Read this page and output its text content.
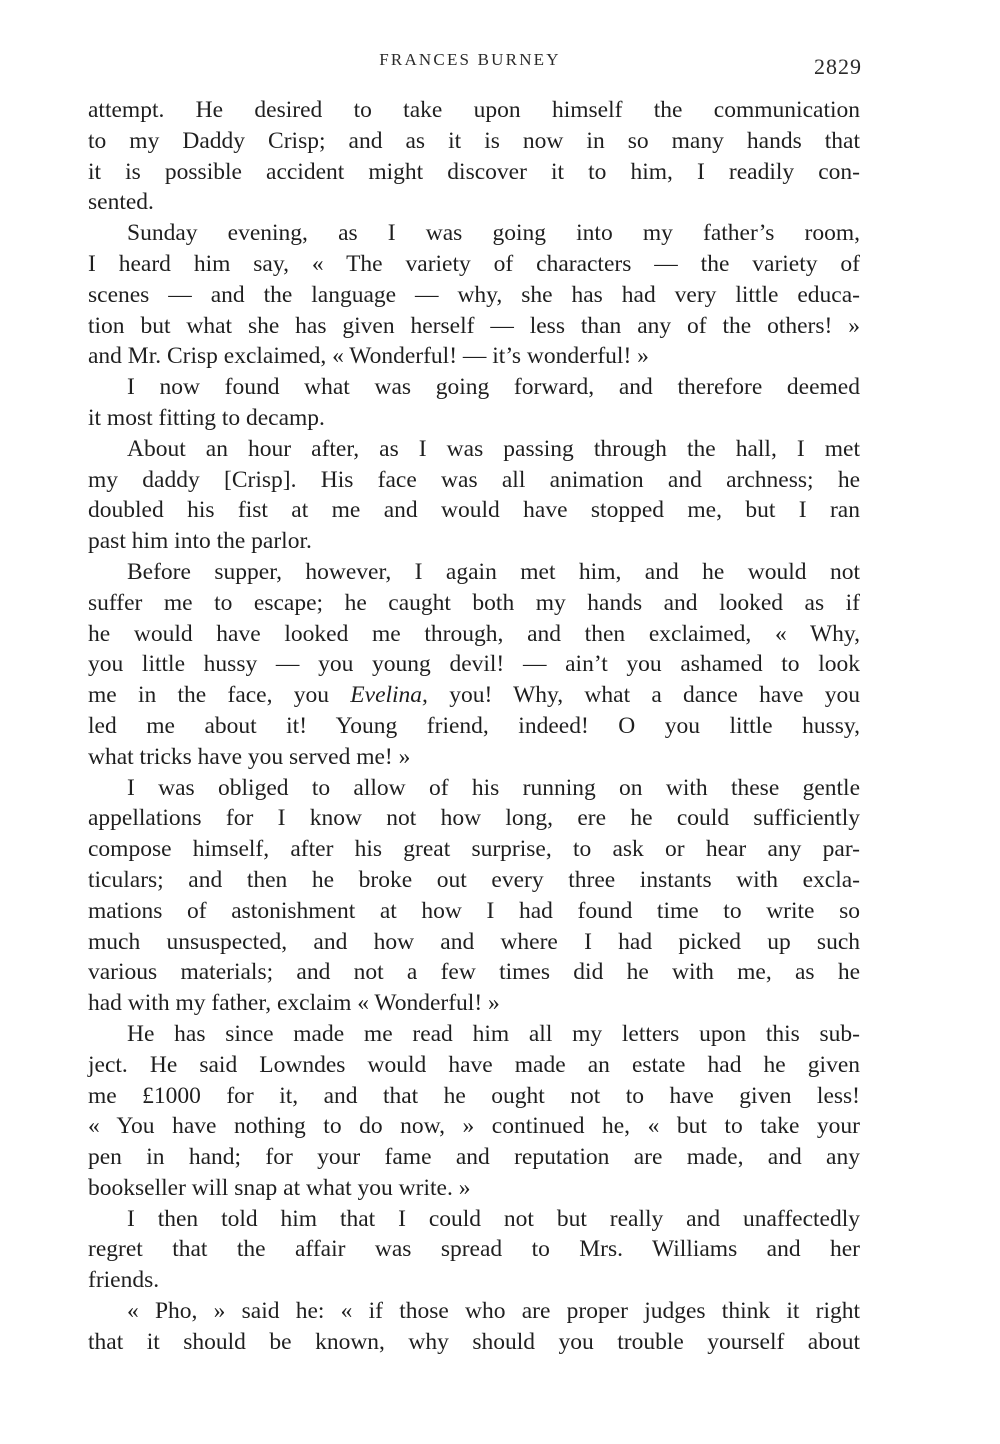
FRANCES BURNEY	2829
attempt. He desired to take upon himself the communication
to my Daddy Crisp; and as it is now in so many hands that
it is possible accident might discover it to him, I readily con-
sented.
Sunday evening, as I was going into my father’s room,
I heard him say, « The variety of characters — the variety of
scenes — and the language — why, she has had very little educa-
tion but what she has given herself — less than any of the others! »
and Mr. Crisp exclaimed, « Wonderful! — it’s wonderful! »
I now found what was going forward, and therefore deemed
it most fitting to decamp.
About an hour after, as I was passing through the hall, I met
my daddy [Crisp]. His face was all animation and archness; he
doubled his fist at me and would have stopped me, but I ran
past him into the parlor.
Before supper, however, I again met him, and he would not
suffer me to escape; he caught both my hands and looked as if
he would have looked me through, and then exclaimed, « Why,
you little hussy — you young devil! — ain’t you ashamed to look
me in the face, you Evelina, you! Why, what a dance have you
led me about it! Young friend, indeed! O you little hussy,
what tricks have you served me! »
I was obliged to allow of his running on with these gentle
appellations for I know not how long, ere he could sufficiently
compose himself, after his great surprise, to ask or hear any par-
ticulars; and then he broke out every three instants with excla-
mations of astonishment at how I had found time to write so
much unsuspected, and how and where I had picked up such
various materials; and not a few times did he with me, as he
had with my father, exclaim « Wonderful! »
He has since made me read him all my letters upon this sub-
ject. He said Lowndes would have made an estate had he given
me £1000 for it, and that he ought not to have given less!
« You have nothing to do now, » continued he, « but to take your
pen in hand; for your fame and reputation are made, and any
bookseller will snap at what you write. »
I then told him that I could not but really and unaffectedly
regret that the affair was spread to Mrs. Williams and her
friends.
« Pho, » said he: « if those who are proper judges think it right
that it should be known, why should you trouble yourself about
